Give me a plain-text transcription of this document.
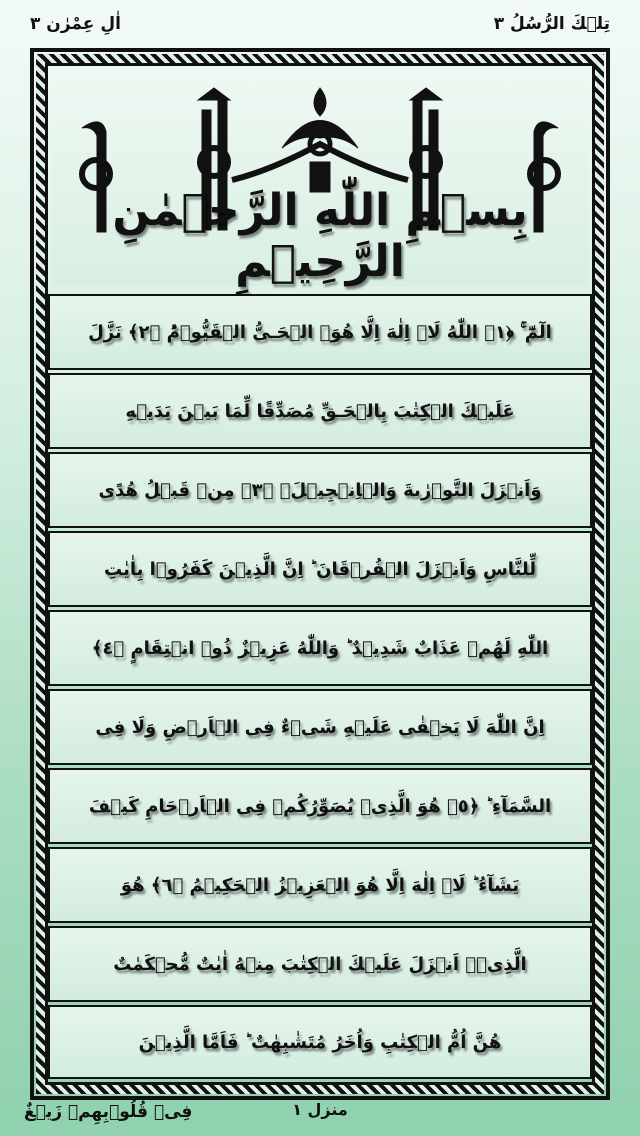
تِلۡكَ الرُّسُلُ ٣
اٰلِ عِمْرٰن ٣
بِسۡمِ اللّٰهِ الرَّحۡمٰنِ الرَّحِيۡمِ
الٓمّٓ ۚ ﴿١﴾ اللّٰهُ لَاۤ اِلٰهَ اِلَّا هُوَۙ الۡحَـىُّ الۡقَيُّوۡمُؕ ﴿٢﴾ نَزَّلَ
عَلَيۡكَ الۡكِتٰبَ بِالۡحَـقِّ مُصَدِّقًا لِّمَا بَيۡنَ يَدَيۡهِ
وَاَنۡزَلَ التَّوۡرٰٮةَ وَالۡاِنۡجِيۡلَۙ ﴿٣﴾ مِنۡ قَبۡلُ هُدًى
لِّلنَّاسِ وَاَنۡزَلَ الۡفُرۡقَانَ ؕ اِنَّ الَّذِيۡنَ كَفَرُوۡا بِاٰيٰتِ
اللّٰهِ لَهُمۡ عَذَابٌ شَدِيۡدٌ ؕ وَاللّٰهُ عَزِيۡزٌ ذُوۡ انۡتِقَامٍ ﴿٤﴾
اِنَّ اللّٰهَ لَا يَخۡفٰى عَلَيۡهِ شَىۡءٌ فِى الۡاَرۡضِ وَلَا فِى
السَّمَآءِ ؕ ﴿٥﴾ هُوَ الَّذِىۡ يُصَوِّرُكُمۡ فِى الۡاَرۡحَامِ كَيۡفَ
يَشَآءُ ؕ لَاۤ اِلٰهَ اِلَّا هُوَ الۡعَزِيۡزُ الۡحَكِيۡمُ ﴿٦﴾ هُوَ
الَّذِىۡۤ اَنۡزَلَ عَلَيۡكَ الۡكِتٰبَ مِنۡهُ اٰيٰتٌ مُّحۡكَمٰتٌ
هُنَّ اُمُّ الۡكِتٰبِ وَاُخَرُ مُتَشٰبِهٰتٌ ؕ فَاَمَّا الَّذِيۡنَ
منزل ١
فِىۡ قُلُوۡبِهِمۡ زَيۡغٌ
